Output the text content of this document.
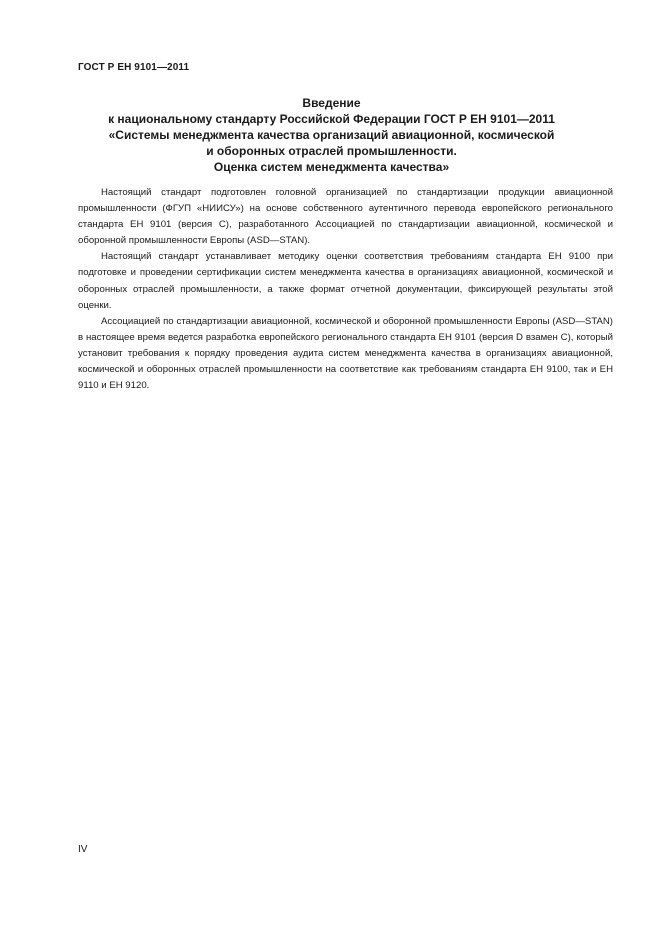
ГОСТ Р ЕН 9101—2011
Введение
к национальному стандарту Российской Федерации ГОСТ Р ЕН 9101—2011
«Системы менеджмента качества организаций авиационной, космической
и оборонных отраслей промышленности.
Оценка систем менеджмента качества»

Настоящий стандарт подготовлен головной организацией по стандартизации продукции авиационной промышленности (ФГУП «НИИСУ») на основе собственного аутентичного перевода европейского регионального стандарта ЕН 9101 (версия С), разработанного Ассоциацией по стандартизации авиационной, космической и оборонной промышленности Европы (ASD—STAN).

Настоящий стандарт устанавливает методику оценки соответствия требованиям стандарта ЕН 9100 при подготовке и проведении сертификации систем менеджмента качества в организациях авиационной, космической и оборонных отраслей промышленности, а также формат отчетной документации, фиксирующей результаты этой оценки.

Ассоциацией по стандартизации авиационной, космической и оборонной промышленности Европы (ASD—STAN) в настоящее время ведется разработка европейского регионального стандарта ЕН 9101 (версия D взамен С), который установит требования к порядку проведения аудита систем менеджмента качества в организациях авиационной, космической и оборонных отраслей промышленности на соответствие как требованиям стандарта ЕН 9100, так и ЕН 9110 и ЕН 9120.

IV
